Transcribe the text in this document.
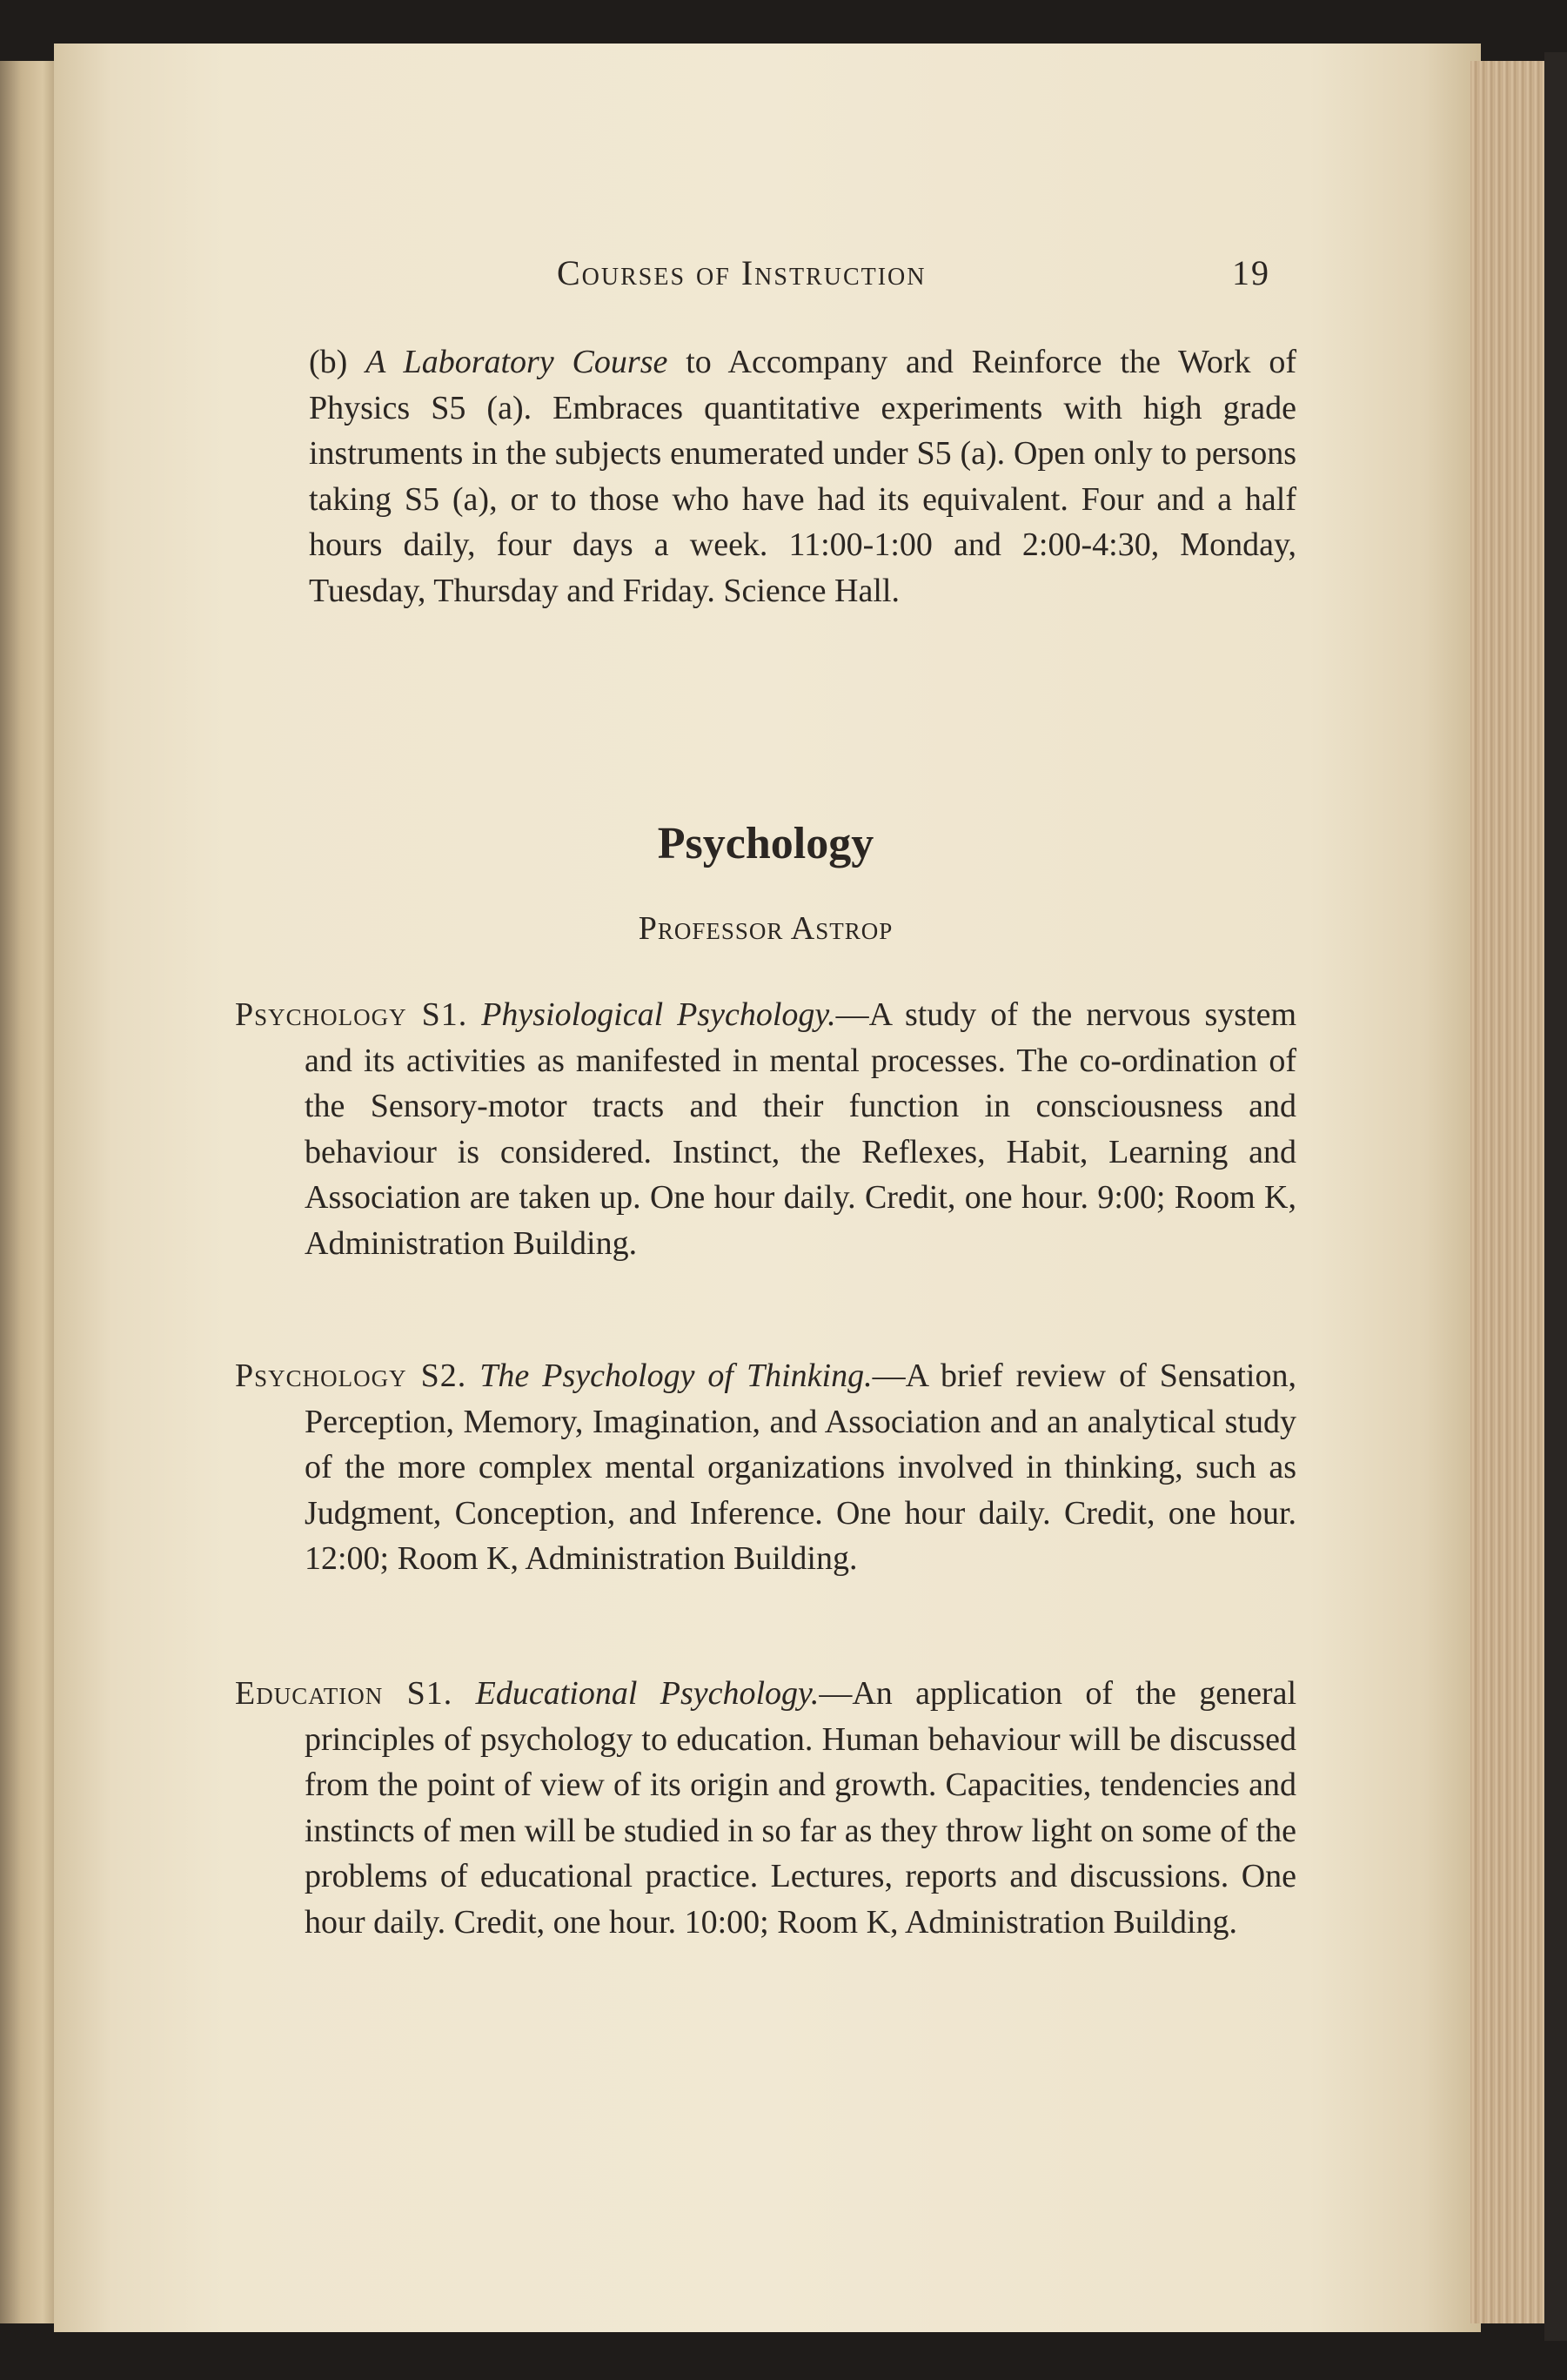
Courses of Instruction	19

(b) A Laboratory Course to Accompany and Reinforce the Work of Physics S5 (a). Embraces quantitative experiments with high grade instruments in the subjects enumerated under S5 (a). Open only to persons taking S5 (a), or to those who have had its equivalent. Four and a half hours daily, four days a week. 11:00-1:00 and 2:00-4:30, Monday, Tuesday, Thursday and Friday. Science Hall.

Psychology
Professor Astrop

Psychology S1. Physiological Psychology.—A study of the nervous system and its activities as manifested in mental processes. The co-ordination of the Sensory-motor tracts and their function in consciousness and behaviour is considered. Instinct, the Reflexes, Habit, Learning and Association are taken up. One hour daily. Credit, one hour. 9:00; Room K, Administration Building.

Psychology S2. The Psychology of Thinking.—A brief review of Sensation, Perception, Memory, Imagination, and Association and an analytical study of the more complex mental organizations involved in thinking, such as Judgment, Conception, and Inference. One hour daily. Credit, one hour. 12:00; Room K, Administration Building.

Education S1. Educational Psychology.—An application of the general principles of psychology to education. Human behaviour will be discussed from the point of view of its origin and growth. Capacities, tendencies and instincts of men will be studied in so far as they throw light on some of the problems of educational practice. Lectures, reports and discussions. One hour daily. Credit, one hour. 10:00; Room K, Administration Building.
